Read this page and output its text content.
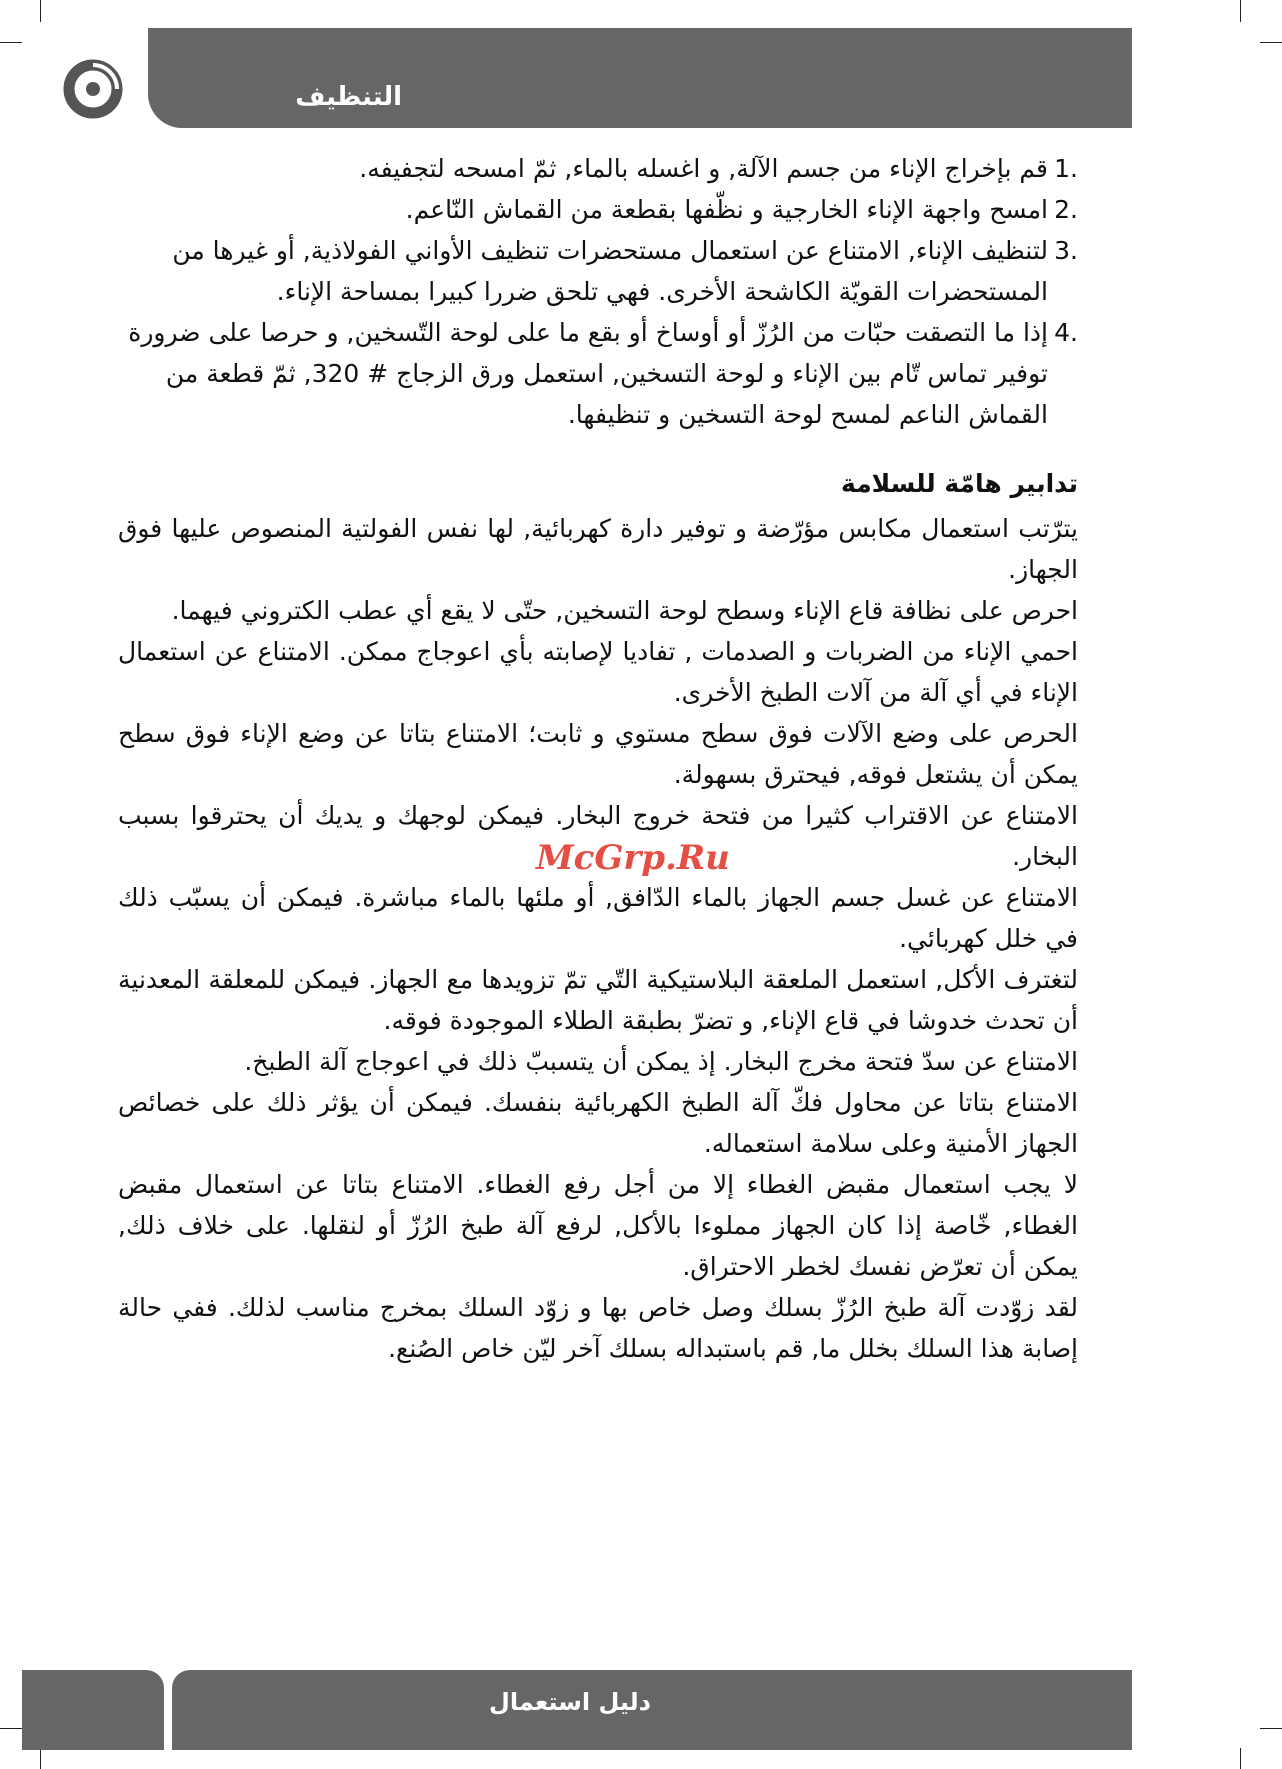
التنظيف

1.
قم بإخراج الإناء من جسم الآلة, و اغسله بالماء, ثمّ امسحه لتجفيفه.

2.
امسح واجهة الإناء الخارجية و نظّفها بقطعة من القماش النّاعم.

3.
لتنظيف الإناء, الامتناع عن استعمال مستحضرات تنظيف الأواني الفولاذية, أو غيرها من المستحضرات القويّة الكاشحة الأخرى. فهي تلحق ضررا كبيرا بمساحة الإناء.

4.
إذا ما التصقت حبّات من الرُزّ أو أوساخ أو بقع ما على لوحة التّسخين, و حرصا على ضرورة توفير تماس تّام بين الإناء و لوحة التسخين, استعمل ورق الزجاج # 320, ثمّ قطعة من القماش الناعم لمسح لوحة التسخين و تنظيفها.

تدابير هامّة للسلامة

يترّتب استعمال مكابس مؤرّضة و توفير دارة كهربائية, لها نفس الفولتية المنصوص عليها فوق الجهاز.

احرص على نظافة قاع الإناء وسطح لوحة التسخين, حتّى لا يقع أي عطب الكتروني فيهما.

احمي الإناء من الضربات و الصدمات , تفاديا لإصابته بأي اعوجاج ممكن. الامتناع عن استعمال الإناء في أي آلة من آلات الطبخ الأخرى.

الحرص على وضع الآلات فوق سطح مستوي و ثابت؛ الامتناع بتاتا عن وضع الإناء فوق سطح يمكن أن يشتعل فوقه, فيحترق بسهولة.

الامتناع عن الاقتراب كثيرا من فتحة خروج البخار. فيمكن لوجهك و يديك أن يحترقوا بسبب البخار.

الامتناع عن غسل جسم الجهاز بالماء الدّافق, أو ملئها بالماء مباشرة. فيمكن أن يسبّب ذلك في خلل كهربائي.

لتغترف الأكل, استعمل الملعقة البلاستيكية التّي تمّ تزويدها مع الجهاز. فيمكن للمعلقة المعدنية أن تحدث خدوشا في قاع الإناء, و تضرّ بطبقة الطلاء الموجودة فوقه.

الامتناع عن سدّ فتحة مخرج البخار. إذ يمكن أن يتسببّ ذلك في اعوجاج آلة الطبخ.

الامتناع بتاتا عن محاول فكّ آلة الطبخ الكهربائية بنفسك. فيمكن أن يؤثر ذلك على خصائص الجهاز الأمنية وعلى سلامة استعماله.

لا يجب استعمال مقبض الغطاء إلا من أجل رفع الغطاء. الامتناع بتاتا عن استعمال مقبض الغطاء, خّاصة إذا كان الجهاز مملوءا بالأكل, لرفع آلة طبخ الرُزّ أو لنقلها. على خلاف ذلك, يمكن أن تعرّض نفسك لخطر الاحتراق.

لقد زوّدت آلة طبخ الرُزّ بسلك وصل خاص بها و زوّد السلك بمخرج مناسب لذلك. ففي حالة إصابة هذا السلك بخلل ما, قم باستبداله بسلك آخر ليّن خاص الصُنع.

McGrp.Ru
دليل استعمال
